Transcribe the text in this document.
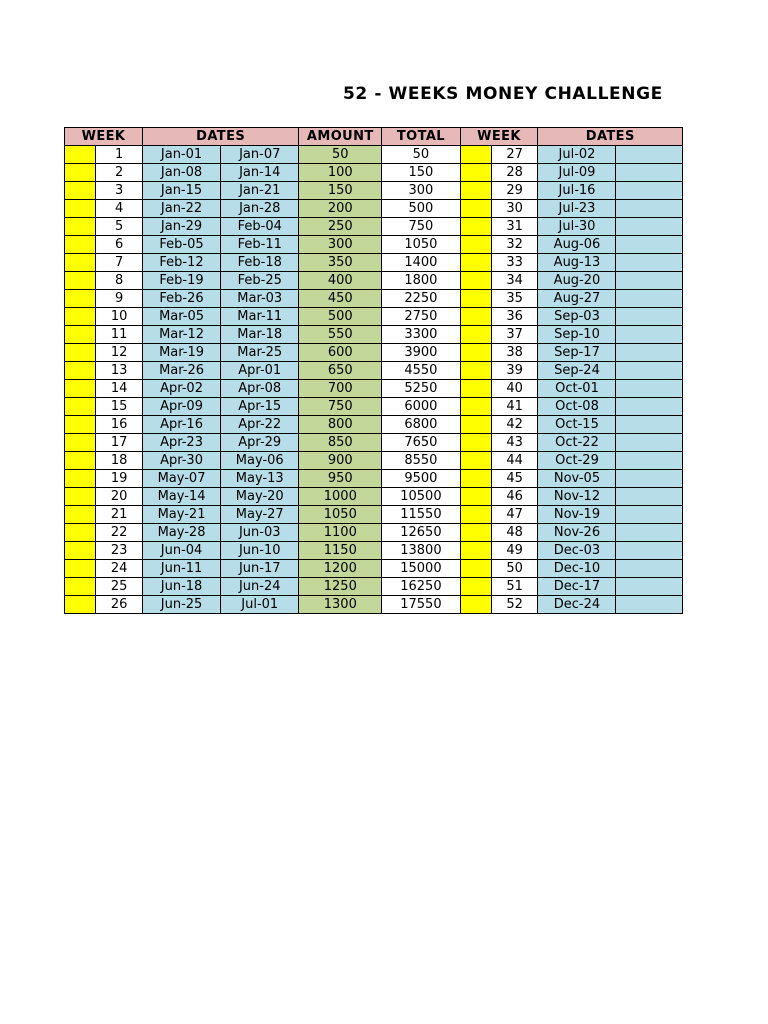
52 - WEEKS MONEY CHALLENGE
WEEK		DATES		AMOUNT	TOTAL	WEEK		DATES	
	1	Jan-01	Jan-07	50	50		27	Jul-02	
	2	Jan-08	Jan-14	100	150		28	Jul-09	
	3	Jan-15	Jan-21	150	300		29	Jul-16	
	4	Jan-22	Jan-28	200	500		30	Jul-23	
	5	Jan-29	Feb-04	250	750		31	Jul-30	
	6	Feb-05	Feb-11	300	1050		32	Aug-06	
	7	Feb-12	Feb-18	350	1400		33	Aug-13	
	8	Feb-19	Feb-25	400	1800		34	Aug-20	
	9	Feb-26	Mar-03	450	2250		35	Aug-27	
	10	Mar-05	Mar-11	500	2750		36	Sep-03	
	11	Mar-12	Mar-18	550	3300		37	Sep-10	
	12	Mar-19	Mar-25	600	3900		38	Sep-17	
	13	Mar-26	Apr-01	650	4550		39	Sep-24	
	14	Apr-02	Apr-08	700	5250		40	Oct-01	
	15	Apr-09	Apr-15	750	6000		41	Oct-08	
	16	Apr-16	Apr-22	800	6800		42	Oct-15	
	17	Apr-23	Apr-29	850	7650		43	Oct-22	
	18	Apr-30	May-06	900	8550		44	Oct-29	
	19	May-07	May-13	950	9500		45	Nov-05	
	20	May-14	May-20	1000	10500		46	Nov-12	
	21	May-21	May-27	1050	11550		47	Nov-19	
	22	May-28	Jun-03	1100	12650		48	Nov-26	
	23	Jun-04	Jun-10	1150	13800		49	Dec-03	
	24	Jun-11	Jun-17	1200	15000		50	Dec-10	
	25	Jun-18	Jun-24	1250	16250		51	Dec-17	
	26	Jun-25	Jul-01	1300	17550		52	Dec-24	
